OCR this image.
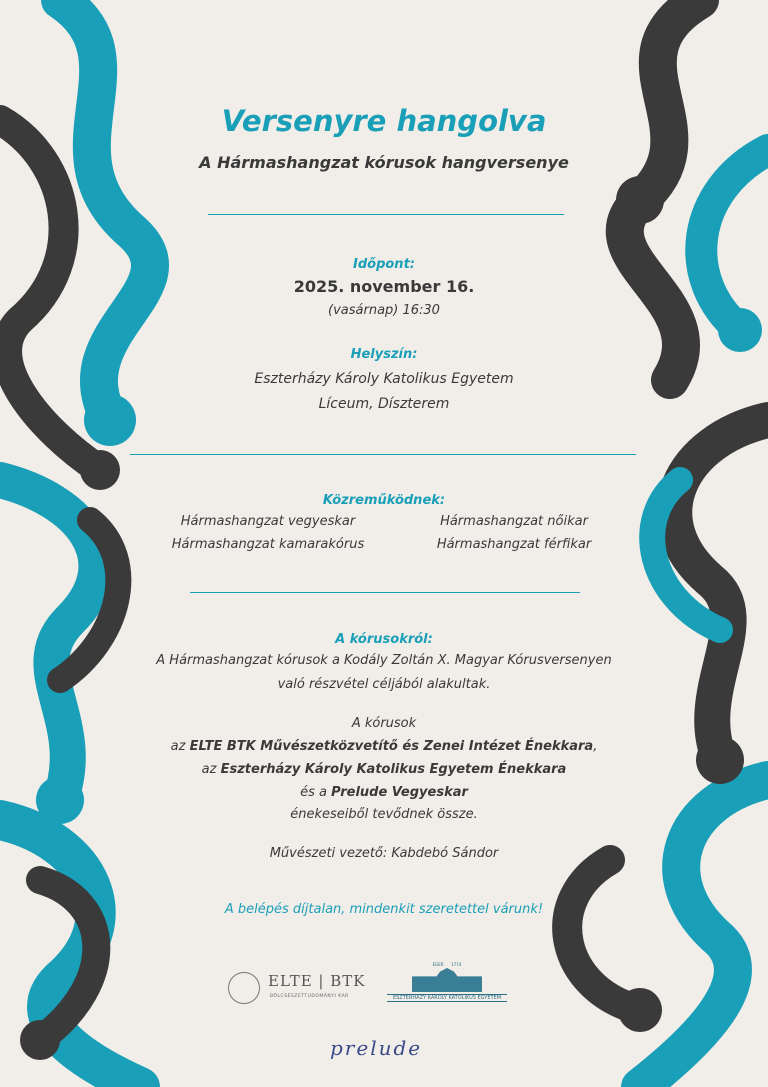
Versenyre hangolva
A Hármashangzat kórusok hangversenye
Időpont:
2025. november 16.
(vasárnap) 16:30
Helyszín:
Eszterházy Károly Katolikus Egyetem
Líceum, Díszterem
Közreműködnek:
Hármashangzat vegyeskar	Hármashangzat nőikar
Hármashangzat kamarakórus	Hármashangzat férfikar
A kórusokról:
A Hármashangzat kórusok a Kodály Zoltán X. Magyar Kórusversenyen
való részvétel céljából alakultak.
A kórusok
az ELTE BTK Művészetközvetítő és Zenei Intézet Énekkara,
az Eszterházy Károly Katolikus Egyetem Énekkara
és a Prelude Vegyeskar
énekeseiből tevődnek össze.
Művészeti vezető: Kabdebó Sándor
A belépés díjtalan, mindenkit szeretettel várunk!
ELTE | BTK
BÖLCSÉSZETTUDOMÁNYI KAR
EGER 1774
ESZTERHÁZY KÁROLY KATOLIKUS EGYETEM
prelude
